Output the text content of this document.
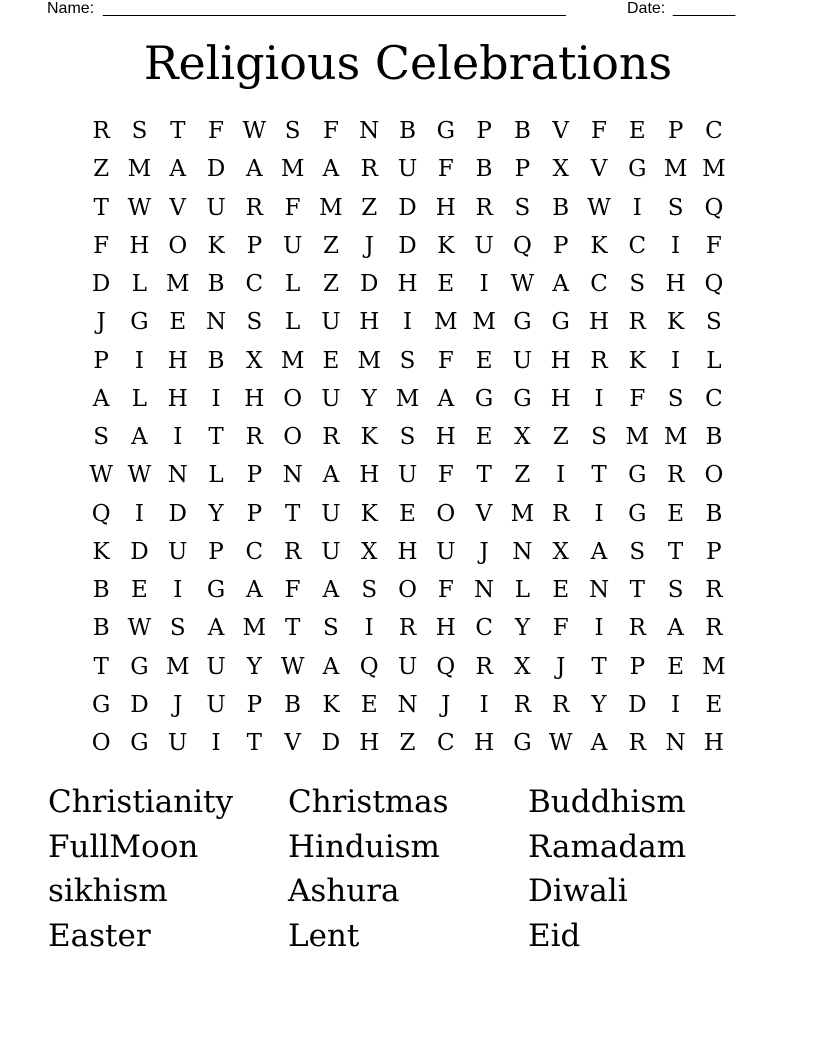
Name: ____________________________________________________	Date: _______
Religious Celebrations
R S T F W S F N B G P B V F E P C
Z M A D A M A R U F B P X V G M M
T W V U R F M Z D H R S B W I	S Q
F H O K P U Z	J	D K U Q P K C	I	F
D L M B C L Z D H E	I W A C S H Q
J	G E N S L U H	I M M G G H R K S
P	I	H B X M E M S F E U H R K	I	L
A L H	I	H O U Y M A G G H	I	F S C
S A	I	T R O R K S H E X Z S M M B
W W N L P N A H U F T Z	I	T G R O
Q	I	D Y P T U K E O V M R	I	G E B
K D U P C R U X H U	J	N X A S T P
B E	I	G A F A S O F N L E N T S R
B W S A M T S	I	R H C Y F	I	R A R
T G M U Y W A Q U Q R X	J	T P E M
G D	J	U P B K E N	J	I	R R Y D	I	E
O G U	I	T V D H Z C H G W A R N H
Christianity	Christmas	Buddhism
FullMoon	Hinduism	Ramadam
sikhism	Ashura	Diwali
Easter	Lent	Eid
